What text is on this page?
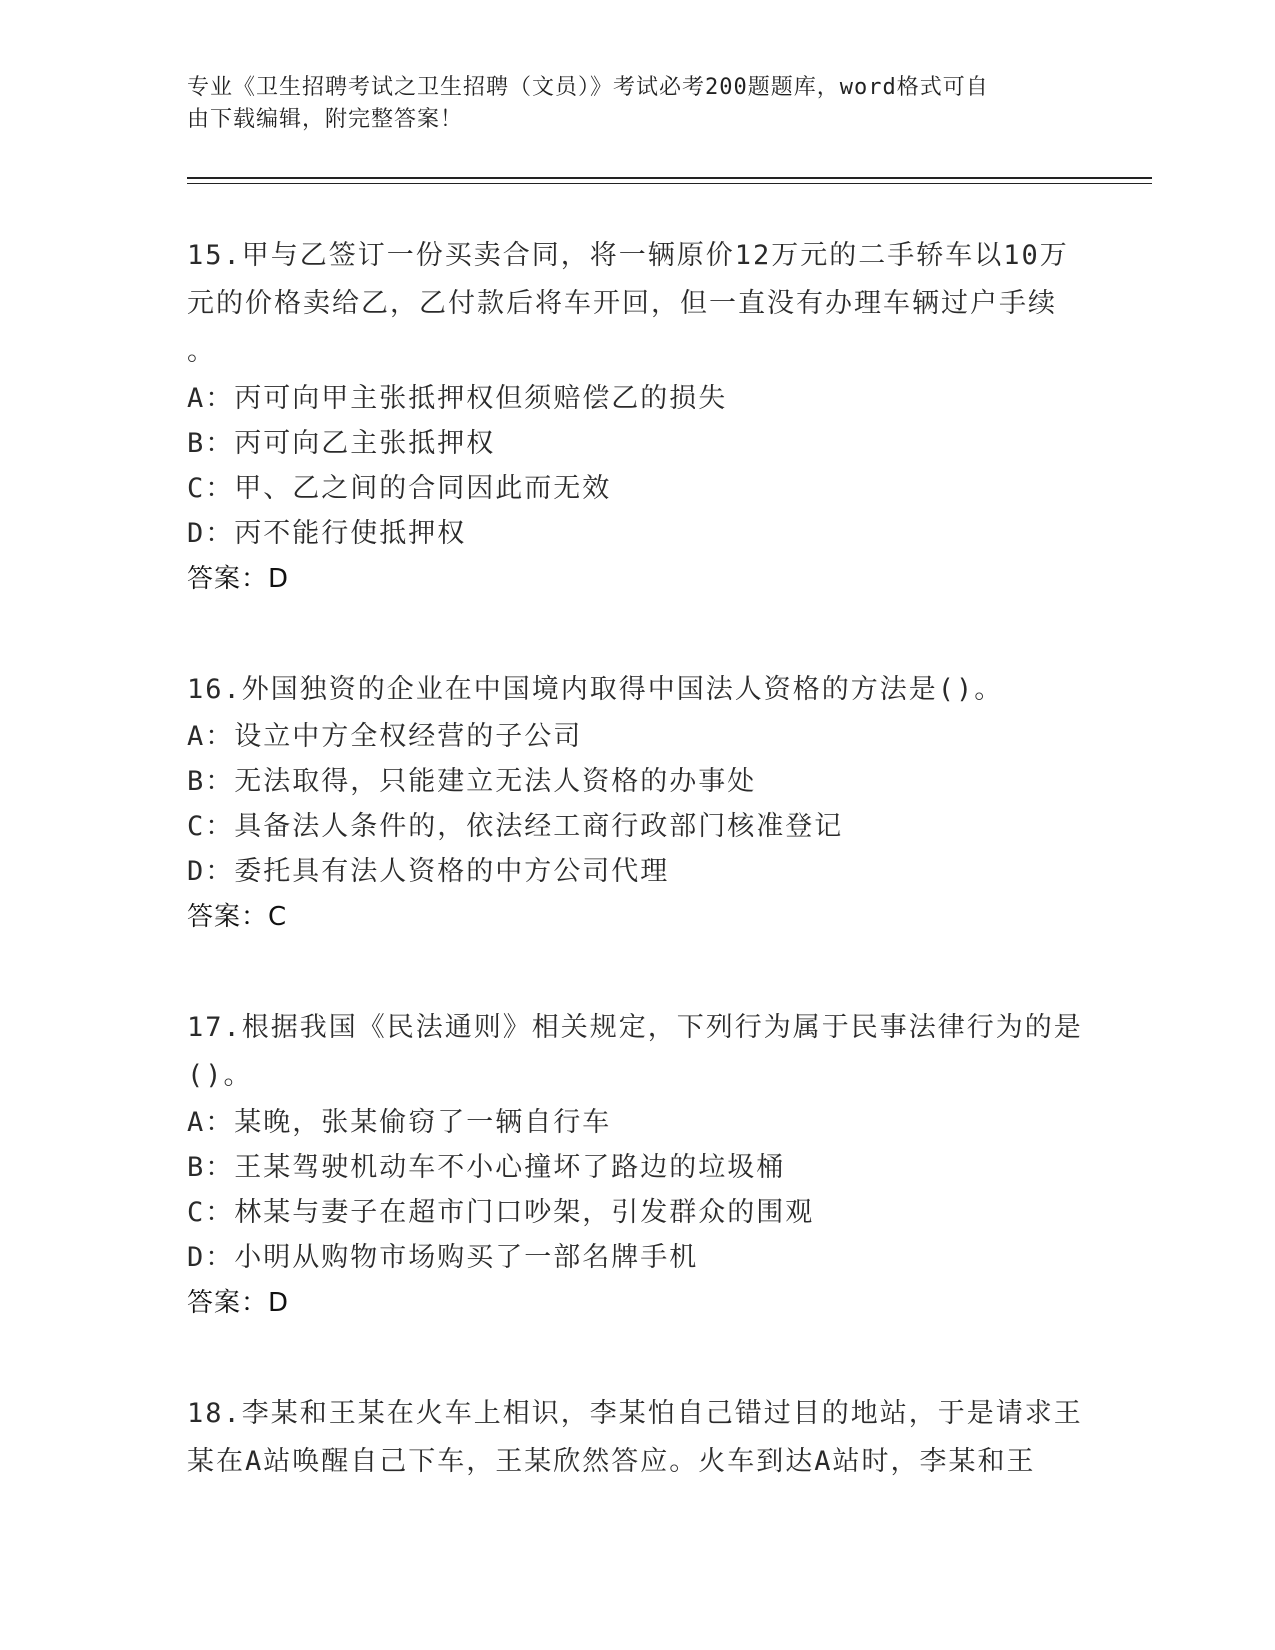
专业《卫生招聘考试之卫生招聘（文员）》考试必考200题题库，word格式可自
由下载编辑，附完整答案！
15.甲与乙签订一份买卖合同，将一辆原价12万元的二手轿车以10万
元的价格卖给乙，乙付款后将车开回，但一直没有办理车辆过户手续
。
A：丙可向甲主张抵押权但须赔偿乙的损失
B：丙可向乙主张抵押权
C：甲、乙之间的合同因此而无效
D：丙不能行使抵押权
答案：D
16.外国独资的企业在中国境内取得中国法人资格的方法是()。
A：设立中方全权经营的子公司
B：无法取得，只能建立无法人资格的办事处
C：具备法人条件的，依法经工商行政部门核准登记
D：委托具有法人资格的中方公司代理
答案：C
17.根据我国《民法通则》相关规定，下列行为属于民事法律行为的是
()。
A：某晚，张某偷窃了一辆自行车
B：王某驾驶机动车不小心撞坏了路边的垃圾桶
C：林某与妻子在超市门口吵架，引发群众的围观
D：小明从购物市场购买了一部名牌手机
答案：D
18.李某和王某在火车上相识，李某怕自己错过目的地站，于是请求王
某在A站唤醒自己下车，王某欣然答应。火车到达A站时，李某和王
